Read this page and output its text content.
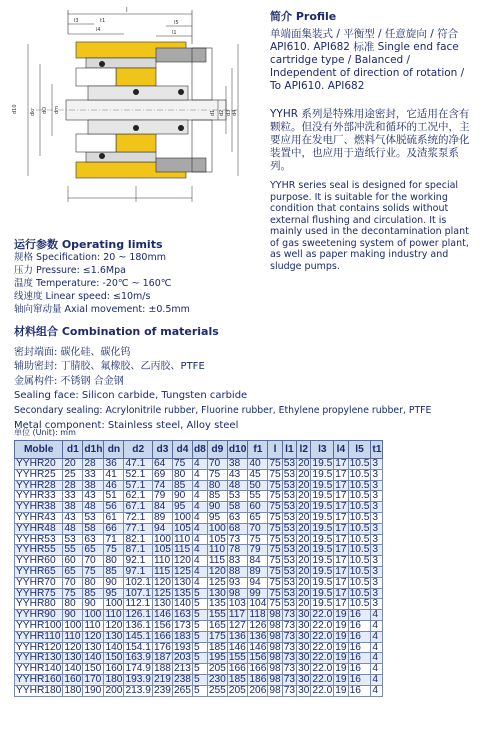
l
l3
l4
l5
l1
t1
d10 dkr dO dm	d1 d2 d3 d4
简介 Profile
单端面集装式 / 平衡型 / 任意旋向 / 符合 API610. API682 标准 Single end face cartridge type / Balanced / Independent of direction of rotation / To API610. API682
YYHR 系列是特殊用途密封，它适用在含有颗粒。但没有外部冲洗和循环的工况中，主要应用在发电厂、燃料气体脱硫系统的净化装置中，也应用于造纸行业。及渣浆泵系列。
YYHR series seal is designed for special purpose. It is suitable for the working condition that contains solids without external flushing and circulation. It is mainly used in the decontamination plant of gas sweetening system of power plant, as well as paper making industry and sludge pumps.
运行参数 Operating limits
规格 Specification: 20 ~ 180mm
压力 Pressure: ≤1.6Mpa
温度 Temperature: -20℃ ~ 160℃
线速度 Linear speed: ≤10m/s
轴向窜动量 Axial movement: ±0.5mm
材料组合 Combination of materials
密封端面: 碳化硅、碳化钨
辅助密封: 丁腈胶、氟橡胶、乙丙胶、PTFE
金属构件: 不锈钢 合金钢
Sealing face: Silicon carbide, Tungsten carbide
Secondary sealing: Acrylonitrile rubber, Fluorine rubber, Ethylene propylene rubber, PTFE
Metal component: Stainless steel, Alloy steel
单位 (Unit): mm
Moble	d1	d1h	dn	d2	d3	d4	d8	d9	d10	f1	l	l1	l2	l3	l4	l5	t1
YYHR20	20	28	36	47.1	64	75	4	70	38	40	75	53	20	19.5	17	10.5	3
YYHR25	25	33	41	52.1	69	80	4	75	43	45	75	53	20	19.5	17	10.5	3
YYHR28	28	38	46	57.1	74	85	4	80	48	50	75	53	20	19.5	17	10.5	3
YYHR33	33	43	51	62.1	79	90	4	85	53	55	75	53	20	19.5	17	10.5	3
YYHR38	38	48	56	67.1	84	95	4	90	58	60	75	53	20	19.5	17	10.5	3
YYHR43	43	53	61	72.1	89	100	4	95	63	65	75	53	20	19.5	17	10.5	3
YYHR48	48	58	66	77.1	94	105	4	100	68	70	75	53	20	19.5	17	10.5	3
YYHR53	53	63	71	82.1	100	110	4	105	73	75	75	53	20	19.5	17	10.5	3
YYHR55	55	65	75	87.1	105	115	4	110	78	79	75	53	20	19.5	17	10.5	3
YYHR60	60	70	80	92.1	110	120	4	115	83	84	75	53	20	19.5	17	10.5	3
YYHR65	65	75	85	97.1	115	125	4	120	88	89	75	53	20	19.5	17	10.5	3
YYHR70	70	80	90	102.1	120	130	4	125	93	94	75	53	20	19.5	17	10.5	3
YYHR75	75	85	95	107.1	125	135	5	130	98	99	75	53	20	19.5	17	10.5	3
YYHR80	80	90	100	112.1	130	140	5	135	103	104	75	53	20	19.5	17	10.5	3
YYHR90	90	100	110	126.1	146	163	5	155	117	118	98	73	30	22.0	19	16	4
YYHR100	100	110	120	136.1	156	173	5	165	127	126	98	73	30	22.0	19	16	4
YYHR110	110	120	130	145.1	166	183	5	175	136	136	98	73	30	22.0	19	16	4
YYHR120	120	130	140	154.1	176	193	5	185	146	146	98	73	30	22.0	19	16	4
YYHR130	130	140	150	163.9	187	203	5	195	155	156	98	73	30	22.0	19	16	4
YYHR140	140	150	160	174.9	188	213	5	205	166	166	98	73	30	22.0	19	16	4
YYHR160	160	170	180	193.9	219	238	5	230	185	186	98	73	30	22.0	19	16	4
YYHR180	180	190	200	213.9	239	265	5	255	205	206	98	73	30	22.0	19	16	4
